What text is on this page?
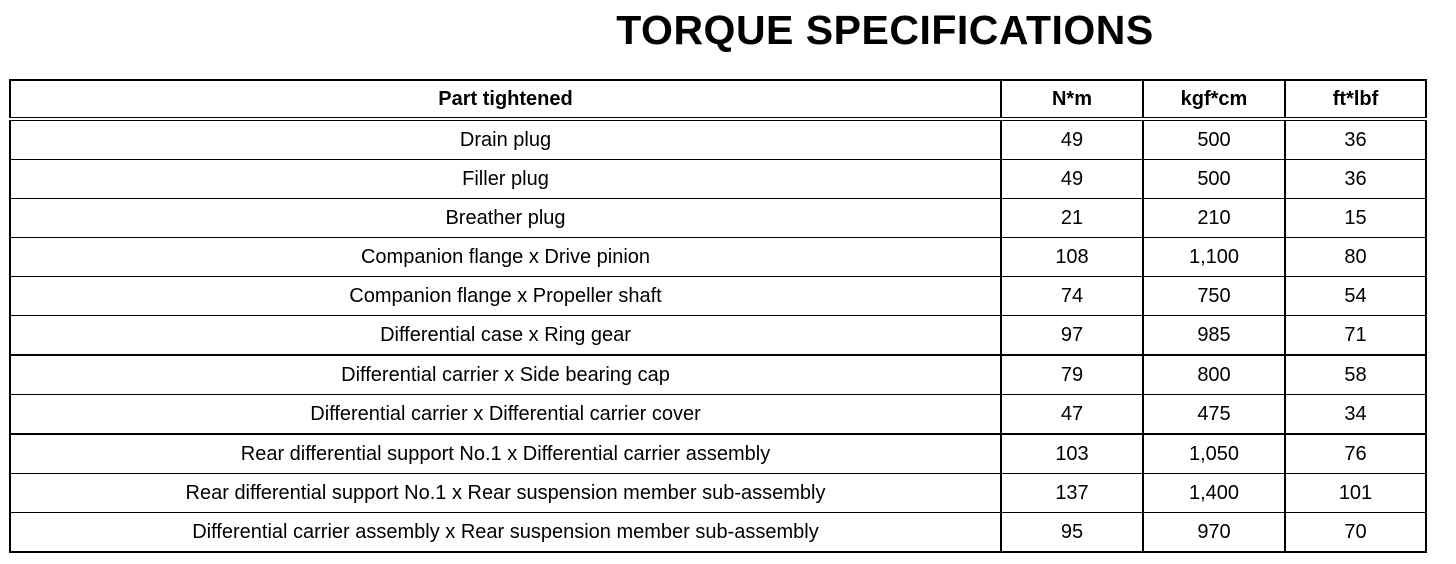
TORQUE SPECIFICATIONS
Part tightened	N*m	kgf*cm	ft*lbf
Drain plug	49	500	36
Filler plug	49	500	36
Breather plug	21	210	15
Companion flange x Drive pinion	108	1,100	80
Companion flange x Propeller shaft	74	750	54
Differential case x Ring gear	97	985	71
Differential carrier x Side bearing cap	79	800	58
Differential carrier x Differential carrier cover	47	475	34
Rear differential support No.1 x Differential carrier assembly	103	1,050	76
Rear differential support No.1 x Rear suspension member sub-assembly	137	1,400	101
Differential carrier assembly x Rear suspension member sub-assembly	95	970	70
